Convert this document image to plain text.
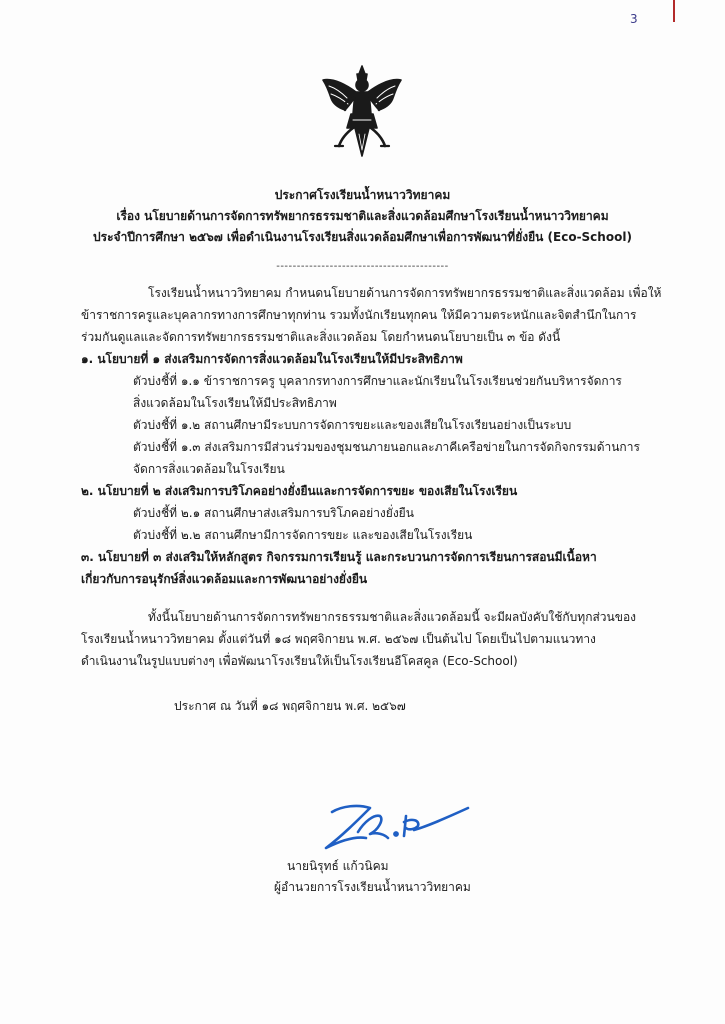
3
ประกาศโรงเรียนน้ำหนาววิทยาคม
เรื่อง นโยบายด้านการจัดการทรัพยากรธรรมชาติและสิ่งแวดล้อมศึกษาโรงเรียนน้ำหนาววิทยาคม
ประจำปีการศึกษา ๒๕๖๗ เพื่อดำเนินงานโรงเรียนสิ่งแวดล้อมศึกษาเพื่อการพัฒนาที่ยั่งยืน (Eco-School)
------------------------------------------
โรงเรียนน้ำหนาววิทยาคม กำหนดนโยบายด้านการจัดการทรัพยากรธรรมชาติและสิ่งแวดล้อม เพื่อให้
ข้าราชการครูและบุคลากรทางการศึกษาทุกท่าน รวมทั้งนักเรียนทุกคน ให้มีความตระหนักและจิตสำนึกในการ
ร่วมกันดูแลและจัดการทรัพยากรธรรมชาติและสิ่งแวดล้อม โดยกำหนดนโยบายเป็น ๓ ข้อ ดังนี้
๑. นโยบายที่ ๑ ส่งเสริมการจัดการสิ่งแวดล้อมในโรงเรียนให้มีประสิทธิภาพ
ตัวบ่งชี้ที่ ๑.๑ ข้าราชการครู บุคลากรทางการศึกษาและนักเรียนในโรงเรียนช่วยกันบริหารจัดการ
สิ่งแวดล้อมในโรงเรียนให้มีประสิทธิภาพ
ตัวบ่งชี้ที่ ๑.๒ สถานศึกษามีระบบการจัดการขยะและของเสียในโรงเรียนอย่างเป็นระบบ
ตัวบ่งชี้ที่ ๑.๓ ส่งเสริมการมีส่วนร่วมของชุมชนภายนอกและภาคีเครือข่ายในการจัดกิจกรรมด้านการ
จัดการสิ่งแวดล้อมในโรงเรียน
๒. นโยบายที่ ๒ ส่งเสริมการบริโภคอย่างยั่งยืนและการจัดการขยะ ของเสียในโรงเรียน
ตัวบ่งชี้ที่ ๒.๑ สถานศึกษาส่งเสริมการบริโภคอย่างยั่งยืน
ตัวบ่งชี้ที่ ๒.๒ สถานศึกษามีการจัดการขยะ และของเสียในโรงเรียน
๓. นโยบายที่ ๓ ส่งเสริมให้หลักสูตร กิจกรรมการเรียนรู้ และกระบวนการจัดการเรียนการสอนมีเนื้อหา
เกี่ยวกับการอนุรักษ์สิ่งแวดล้อมและการพัฒนาอย่างยั่งยืน
ทั้งนี้นโยบายด้านการจัดการทรัพยากรธรรมชาติและสิ่งแวดล้อมนี้ จะมีผลบังคับใช้กับทุกส่วนของ
โรงเรียนน้ำหนาววิทยาคม ตั้งแต่วันที่ ๑๘ พฤศจิกายน พ.ศ. ๒๕๖๗ เป็นต้นไป โดยเป็นไปตามแนวทาง
ดำเนินงานในรูปแบบต่างๆ เพื่อพัฒนาโรงเรียนให้เป็นโรงเรียนอีโคสคูล (Eco-School)
ประกาศ ณ วันที่ ๑๘ พฤศจิกายน พ.ศ. ๒๕๖๗
นายนิรุทธ์ แก้วนิคม
ผู้อำนวยการโรงเรียนน้ำหนาววิทยาคม
